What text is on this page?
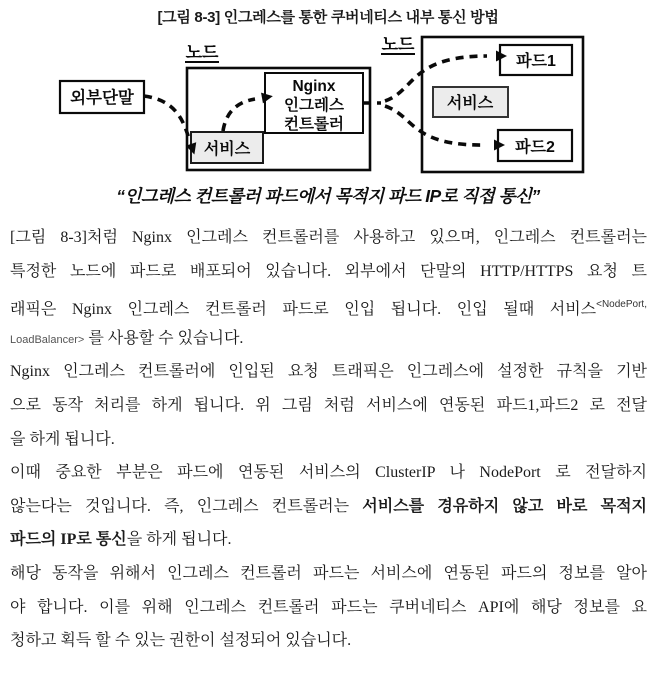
[그림 8-3] 인그레스를 통한 쿠버네티스 내부 통신 방법
노드
외부단말
Nginx
인그레스
컨트롤러
서비스
노드
파드1
서비스
파드2
“인그레스 컨트롤러 파드에서 목적지 파드 IP로 직접 통신”
[그림 8-3]처럼 Nginx 인그레스 컨트롤러를 사용하고 있으며, 인그레스 컨트롤러는
특정한 노드에 파드로 배포되어 있습니다. 외부에서 단말의 HTTP/HTTPS 요청 트
래픽은 Nginx 인그레스 컨트롤러 파드로 인입 됩니다. 인입 될때 서비스$^{<NodePort,}$
LoadBalancer> 를 사용할 수 있습니다.
Nginx 인그레스 컨트롤러에 인입된 요청 트래픽은 인그레스에 설정한 규칙을 기반
으로 동작 처리를 하게 됩니다. 위 그림 처럼 서비스에 연동된 파드1,파드2 로 전달
을 하게 됩니다.
이때 중요한 부분은 파드에 연동된 서비스의 ClusterIP 나 NodePort 로 전달하지
않는다는 것입니다. 즉, 인그레스 컨트롤러는 서비스를 경유하지 않고 바로 목적지
파드의 IP로 통신을 하게 됩니다.
해당 동작을 위해서 인그레스 컨트롤러 파드는 서비스에 연동된 파드의 정보를 알아
야 합니다. 이를 위해 인그레스 컨트롤러 파드는 쿠버네티스 API에 해당 정보를 요
청하고 획득 할 수 있는 권한이 설정되어 있습니다.
